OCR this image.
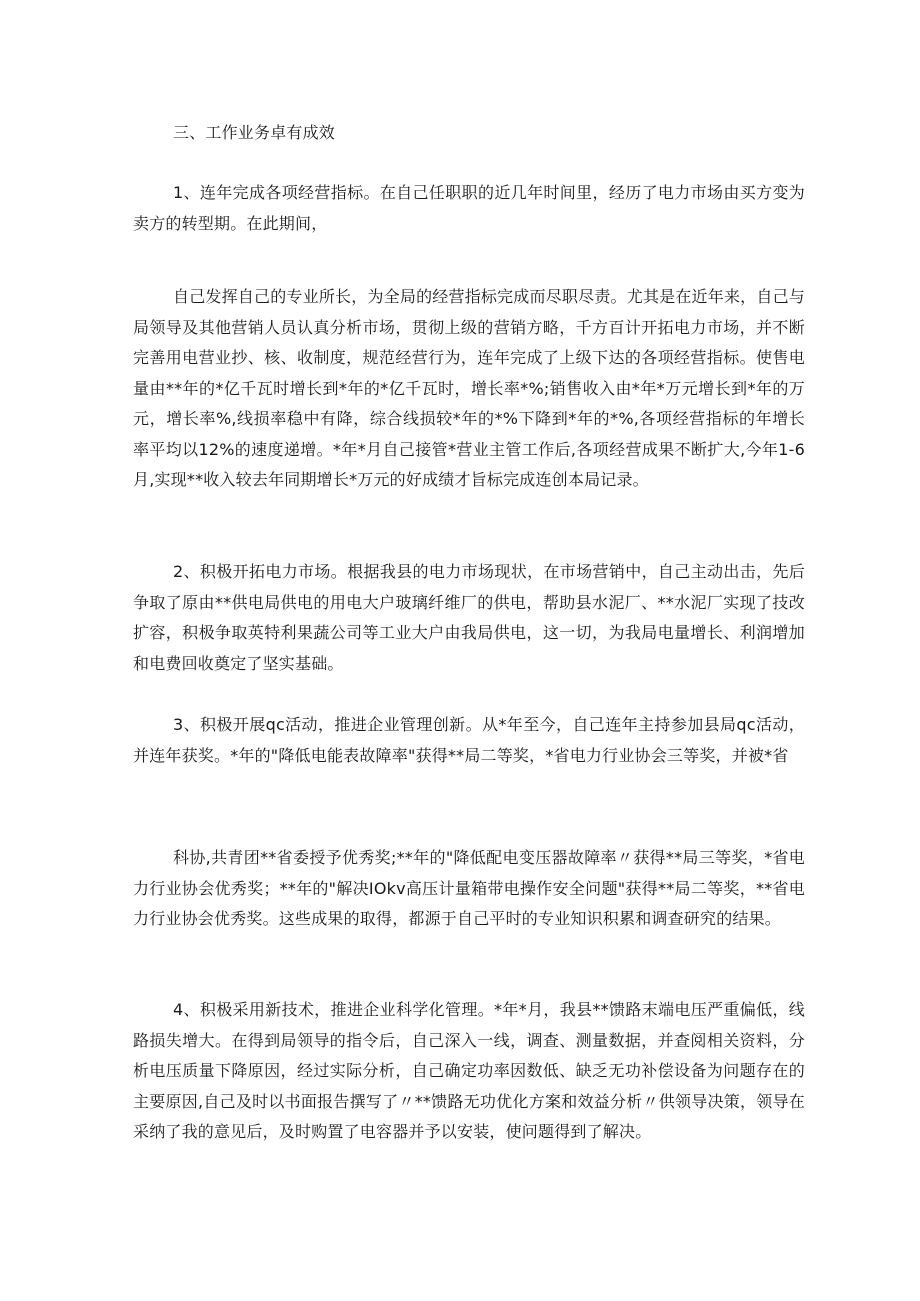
三、工作业务卓有成效

1、连年完成各项经营指标。在自己任职职的近几年时间里，经历了电力市场由买方变为卖方的转型期。在此期间，

自己发挥自己的专业所长，为全局的经营指标完成而尽职尽责。尤其是在近年来，自己与局领导及其他营销人员认真分析市场，贯彻上级的营销方略，千方百计开拓电力市场，并不断完善用电营业抄、核、收制度，规范经营行为，连年完成了上级下达的各项经营指标。使售电量由**年的*亿千瓦时增长到*年的*亿千瓦时，增长率*%;销售收入由*年*万元增长到*年的万元，增长率%,线损率稳中有降，综合线损较*年的*%下降到*年的*%,各项经营指标的年增长率平均以12%的速度递增。*年*月自己接管*营业主管工作后,各项经营成果不断扩大,今年1-6月,实现**收入较去年同期增长*万元的好成绩才旨标完成连创本局记录。

2、积极开拓电力市场。根据我县的电力市场现状，在市场营销中，自己主动出击，先后争取了原由**供电局供电的用电大户玻璃纤维厂的供电，帮助县水泥厂、**水泥厂实现了技改扩容，积极争取英特利果蔬公司等工业大户由我局供电，这一切，为我局电量增长、利润增加和电费回收奠定了坚实基础。

3、积极开展qc活动，推进企业管理创新。从*年至今，自己连年主持参加县局qc活动，并连年获奖。*年的"降低电能表故障率"获得**局二等奖，*省电力行业协会三等奖，并被*省

科协,共青团**省委授予优秀奖;**年的"降低配电变压器故障率〃获得**局三等奖，*省电力行业协会优秀奖；**年的"解决IOkv高压计量箱带电操作安全问题"获得**局二等奖，**省电力行业协会优秀奖。这些成果的取得，都源于自己平时的专业知识积累和调查研究的结果。

4、积极采用新技术，推进企业科学化管理。*年*月，我县**馈路末端电压严重偏低，线路损失增大。在得到局领导的指令后，自己深入一线，调查、测量数据，并查阅相关资料，分析电压质量下降原因，经过实际分析，自己确定功率因数低、缺乏无功补偿设备为问题存在的主要原因,自己及时以书面报告撰写了〃**馈路无功优化方案和效益分析〃供领导决策，领导在采纳了我的意见后，及时购置了电容器并予以安装，使问题得到了解决。
